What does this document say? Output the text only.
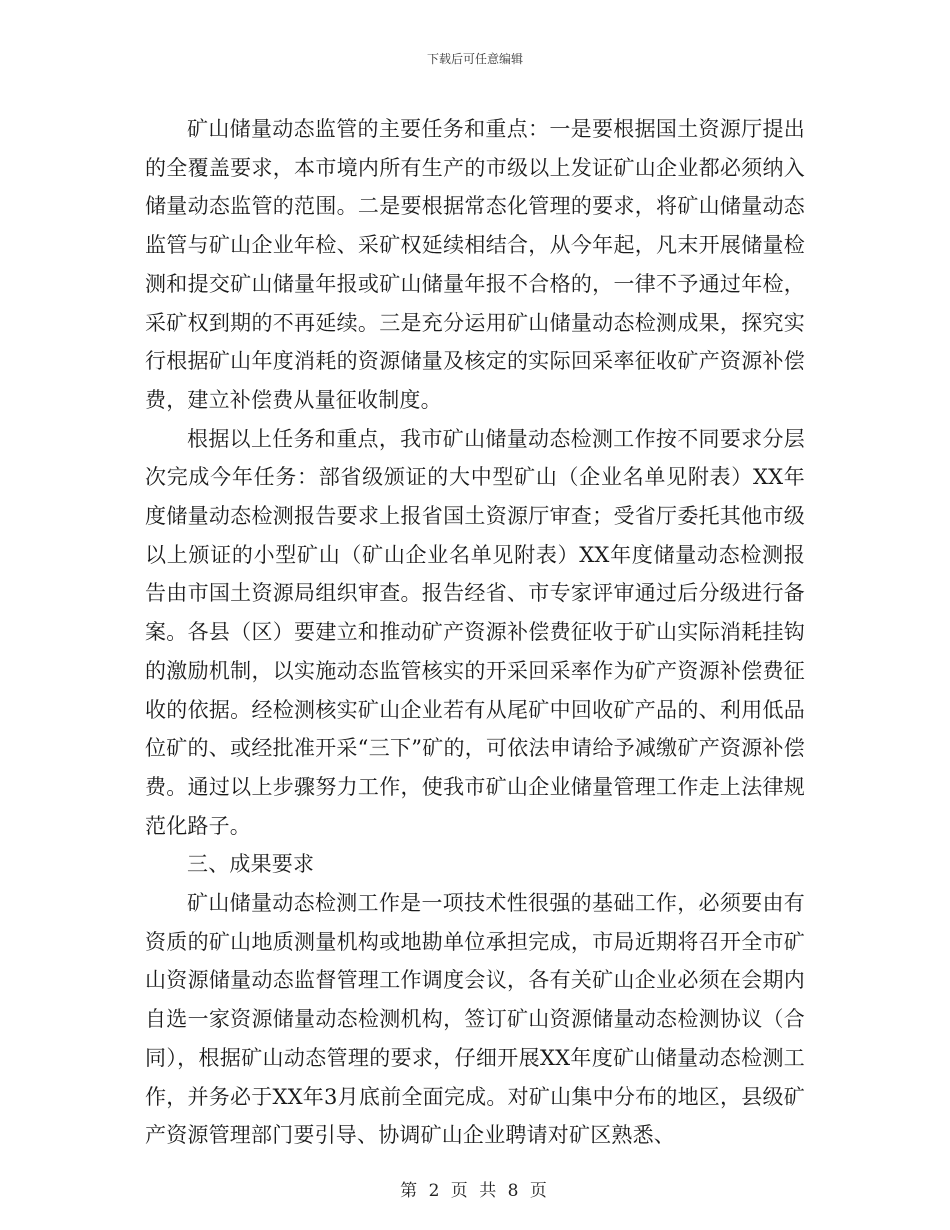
下载后可任意编辑

矿山储量动态监管的主要任务和重点：一是要根据国土资源厅提出的全覆盖要求，本市境内所有生产的市级以上发证矿山企业都必须纳入储量动态监管的范围。二是要根据常态化管理的要求，将矿山储量动态监管与矿山企业年检、采矿权延续相结合，从今年起，凡末开展储量检测和提交矿山储量年报或矿山储量年报不合格的，一律不予通过年检，采矿权到期的不再延续。三是充分运用矿山储量动态检测成果，探究实行根据矿山年度消耗的资源储量及核定的实际回采率征收矿产资源补偿费，建立补偿费从量征收制度。

根据以上任务和重点，我市矿山储量动态检测工作按不同要求分层次完成今年任务：部省级颁证的大中型矿山（企业名单见附表）XX年度储量动态检测报告要求上报省国土资源厅审查；受省厅委托其他市级以上颁证的小型矿山（矿山企业名单见附表）XX年度储量动态检测报告由市国土资源局组织审查。报告经省、市专家评审通过后分级进行备案。各县（区）要建立和推动矿产资源补偿费征收于矿山实际消耗挂钩的激励机制，以实施动态监管核实的开采回采率作为矿产资源补偿费征收的依据。经检测核实矿山企业若有从尾矿中回收矿产品的、利用低品位矿的、或经批准开采“三下”矿的，可依法申请给予减缴矿产资源补偿费。通过以上步骤努力工作，使我市矿山企业储量管理工作走上法律规范化路子。

三、成果要求

矿山储量动态检测工作是一项技术性很强的基础工作，必须要由有资质的矿山地质测量机构或地勘单位承担完成，市局近期将召开全市矿山资源储量动态监督管理工作调度会议，各有关矿山企业必须在会期内自选一家资源储量动态检测机构，签订矿山资源储量动态检测协议（合同），根据矿山动态管理的要求，仔细开展XX年度矿山储量动态检测工作，并务必于XX年3月底前全面完成。对矿山集中分布的地区，县级矿产资源管理部门要引导、协调矿山企业聘请对矿区熟悉、

第 2 页 共 8 页
